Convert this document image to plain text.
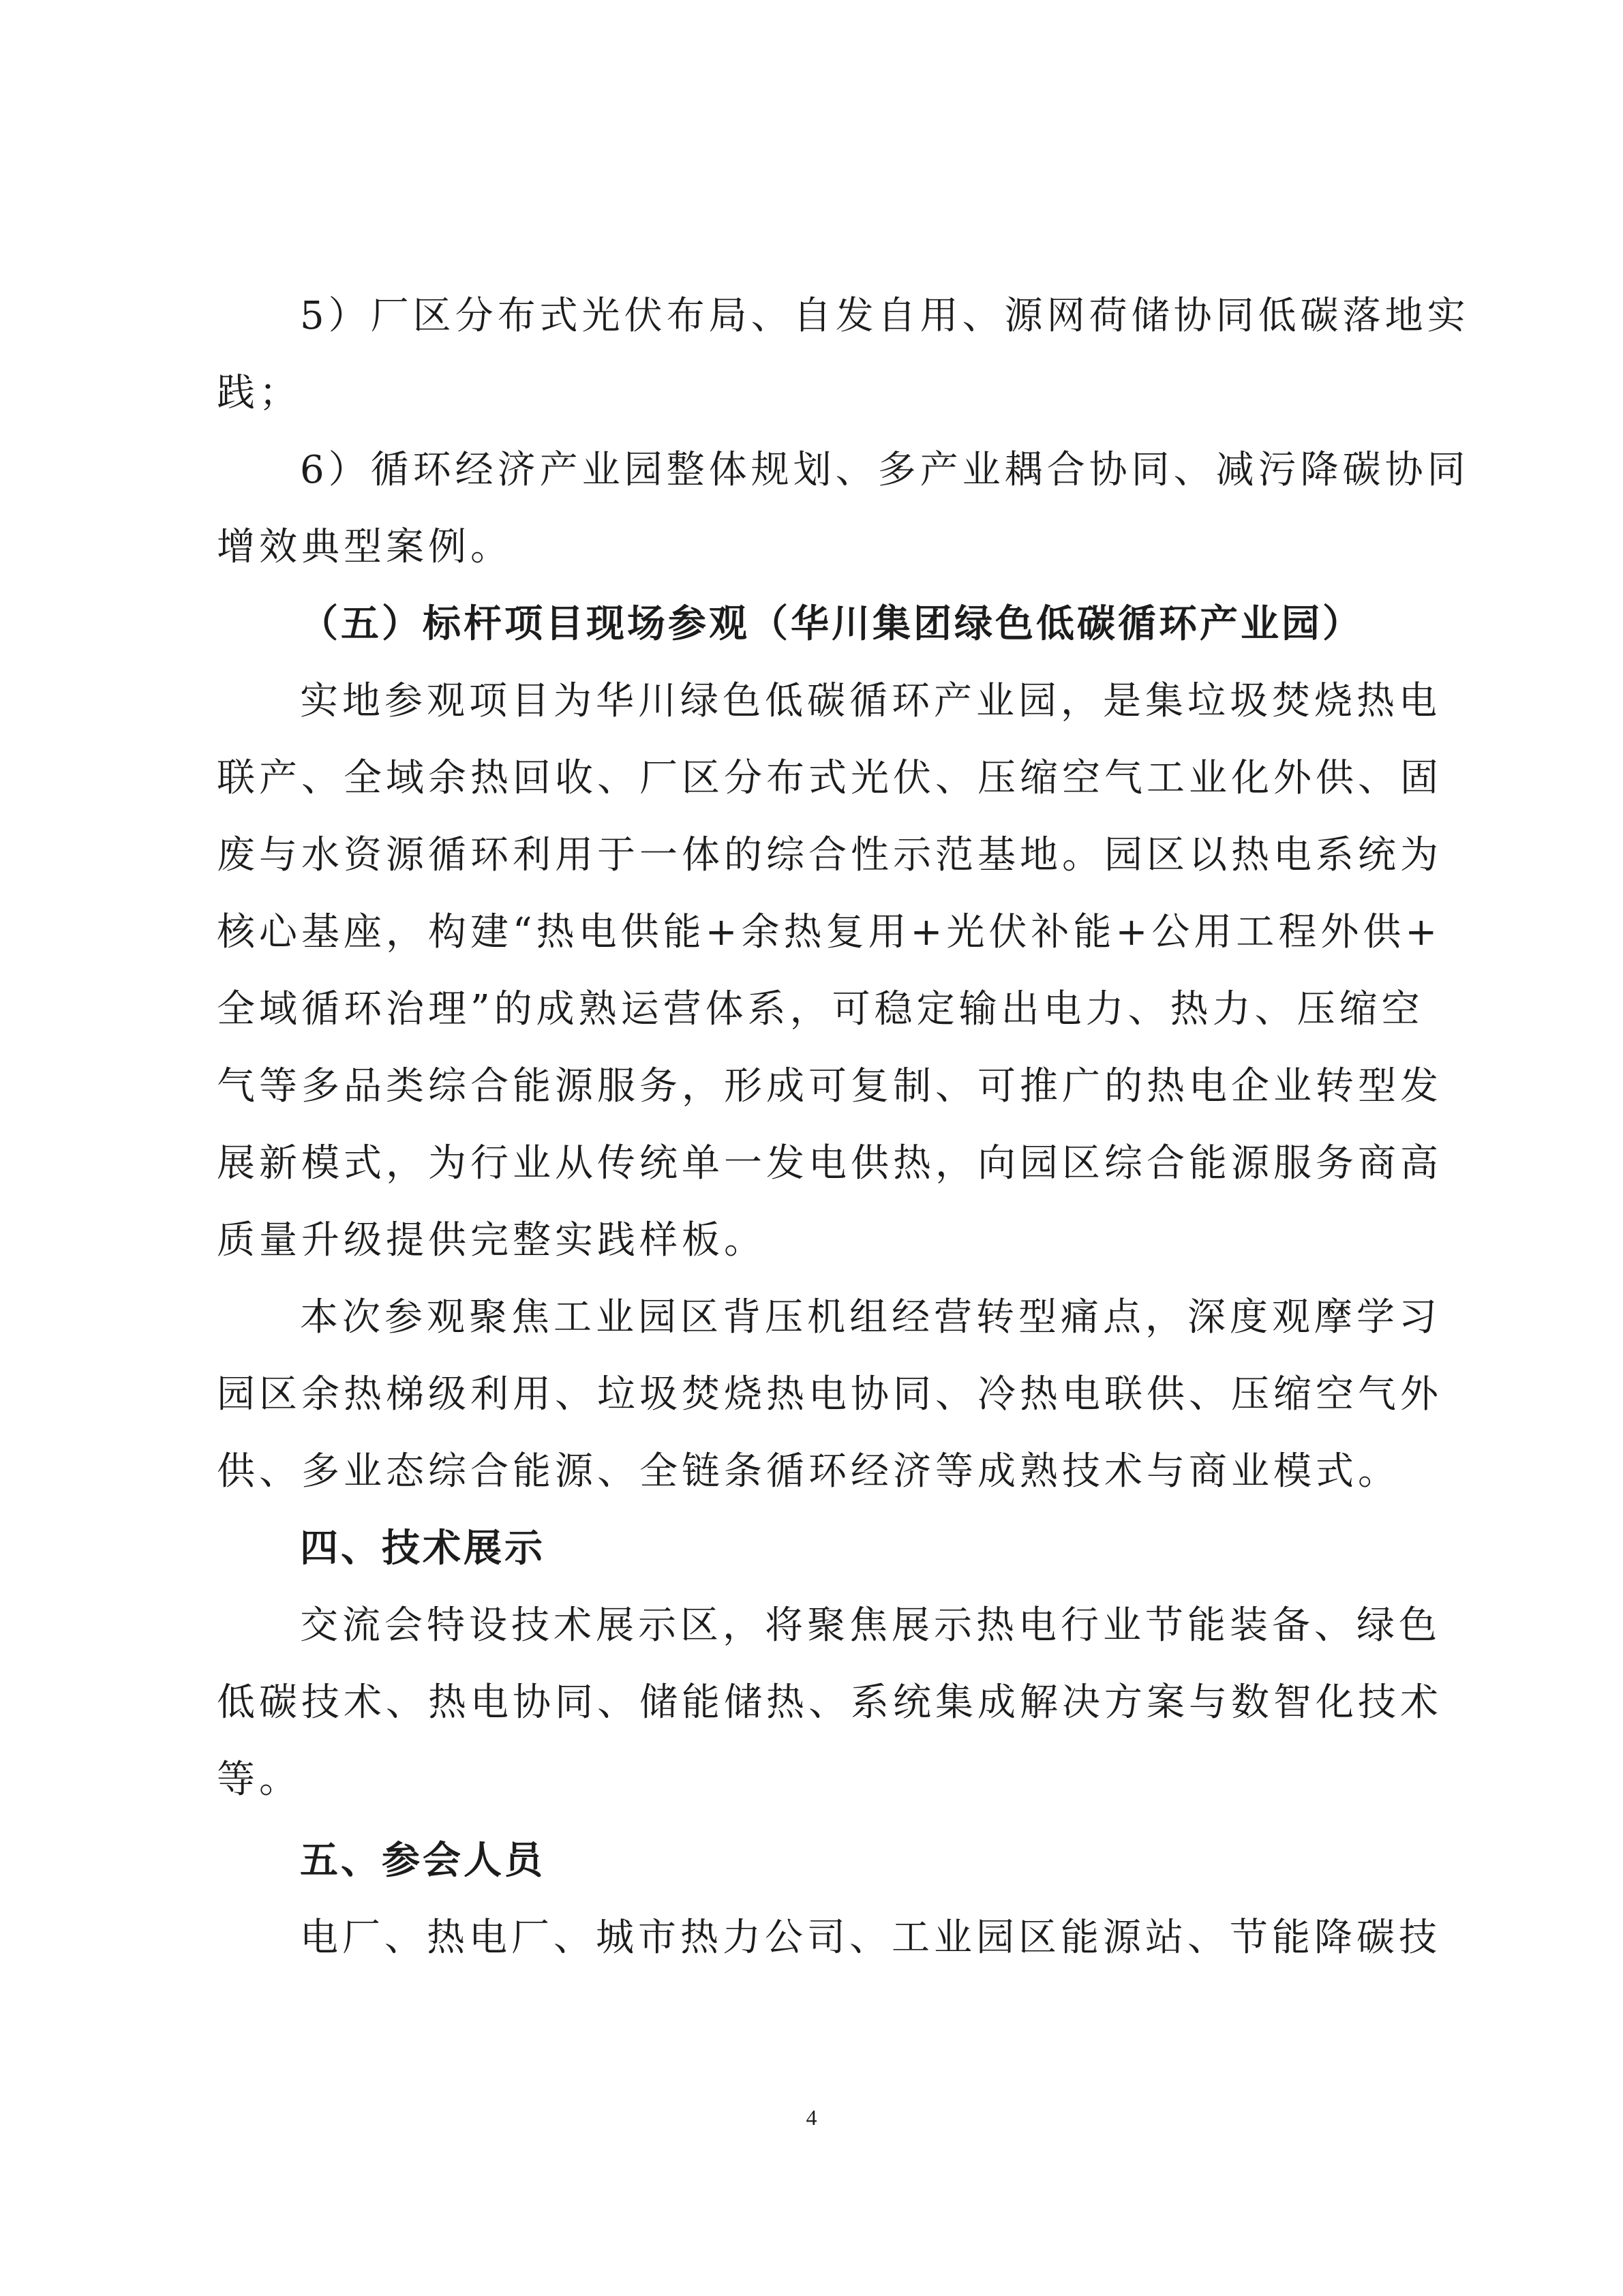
5）厂区分布式光伏布局、自发自用、源网荷储协同低碳落地实
践；
6）循环经济产业园整体规划、多产业耦合协同、减污降碳协同
增效典型案例。
（五）标杆项目现场参观（华川集团绿色低碳循环产业园）
实地参观项目为华川绿色低碳循环产业园，是集垃圾焚烧热电
联产、全域余热回收、厂区分布式光伏、压缩空气工业化外供、固
废与水资源循环利用于一体的综合性示范基地。园区以热电系统为
核心基座，构建“热电供能+余热复用+光伏补能+公用工程外供+
全域循环治理”的成熟运营体系，可稳定输出电力、热力、压缩空
气等多品类综合能源服务，形成可复制、可推广的热电企业转型发
展新模式，为行业从传统单一发电供热，向园区综合能源服务商高
质量升级提供完整实践样板。
本次参观聚焦工业园区背压机组经营转型痛点，深度观摩学习
园区余热梯级利用、垃圾焚烧热电协同、冷热电联供、压缩空气外
供、多业态综合能源、全链条循环经济等成熟技术与商业模式。
四、技术展示
交流会特设技术展示区，将聚焦展示热电行业节能装备、绿色
低碳技术、热电协同、储能储热、系统集成解决方案与数智化技术
等。
五、参会人员
电厂、热电厂、城市热力公司、工业园区能源站、节能降碳技
4
